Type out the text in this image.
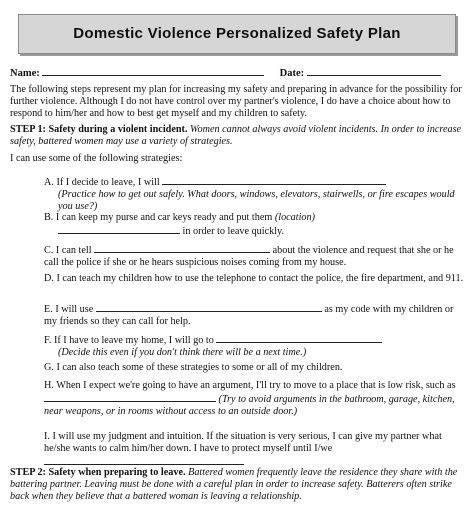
Domestic Violence Personalized Safety Plan
Name:	Date:
The following steps represent my plan for increasing my safety and preparing in advance for the possibility for further violence. Although I do not have control over my partner's violence, I do have a choice about how to respond to him/her and how to best get myself and my children to safety.
STEP 1: Safety during a violent incident. Women cannot always avoid violent incidents. In order to increase safety, battered women may use a variety of strategies.
I can use some of the following strategies:
A. If I decide to leave, I will
(Practice how to get out safely. What doors, windows, elevators, stairwells, or fire escapes would you use?)
B. I can keep my purse and car keys ready and put them (location)
in order to leave quickly.
C. I can tell	about the violence and request that she or he call the police if she or he hears suspicious noises coming from my house.
D. I can teach my children how to use the telephone to contact the police, the fire department, and 911.
E. I will use	as my code with my children or my friends so they can call for help.
F. If I have to leave my home, I will go to
(Decide this even if you don't think there will be a next time.)
G. I can also teach some of these strategies to some or all of my children.
H. When I expect we're going to have an argument, I'll try to move to a place that is low risk, such as  (Try to avoid arguments in the bathroom, garage, kitchen, near weapons, or in rooms without access to an outside door.)
I. I will use my judgment and intuition. If the situation is very serious, I can give my partner what he/she wants to calm him/her down. I have to protect myself until I/we
STEP 2: Safety when preparing to leave. Battered women frequently leave the residence they share with the battering partner. Leaving must be done with a careful plan in order to increase safety. Batterers often strike back when they believe that a battered woman is leaving a relationship.
